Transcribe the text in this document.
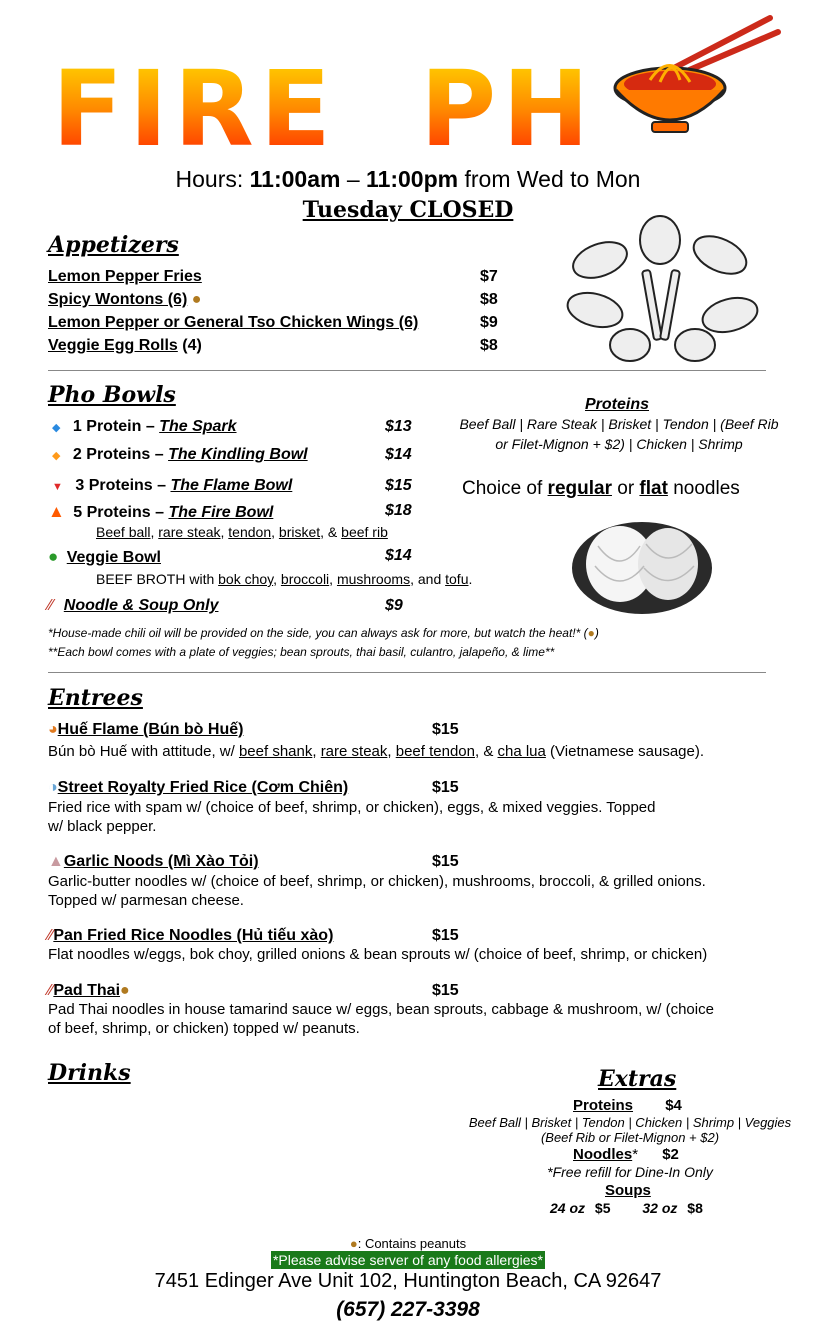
FIRE PH
Hours: 11:00am – 11:00pm from Wed to Mon
Tuesday CLOSED
Appetizers
Lemon Pepper Fries	$7
Spicy Wontons (6) ●	$8
Lemon Pepper or General Tso Chicken Wings (6)	$9
Veggie Egg Rolls (4)	$8
Pho Bowls
◆ 1 Protein – The Spark	$13
◆ 2 Proteins – The Kindling Bowl	$14
▼ 3 Proteins – The Flame Bowl	$15
▲ 5 Proteins – The Fire Bowl	$18
Beef ball, rare steak, tendon, brisket, & beef rib
● Veggie Bowl	$14
BEEF BROTH with bok choy, broccoli, mushrooms, and tofu.
⁄⁄ Noodle & Soup Only	$9
Proteins
Beef Ball | Rare Steak | Brisket | Tendon | (Beef Rib or Filet-Mignon + $2) | Chicken | Shrimp
Choice of regular or flat noodles
*House-made chili oil will be provided on the side, you can always ask for more, but watch the heat!* (●)
**Each bowl comes with a plate of veggies; bean sprouts, thai basil, culantro, jalapeño, & lime**
Entrees
◕Huế Flame (Bún bò Huế)	$15
Bún bò Huế with attitude, w/ beef shank, rare steak, beef tendon, & cha lua (Vietnamese sausage).
◑Street Royalty Fried Rice (Cơm Chiên)	$15
Fried rice with spam w/ (choice of beef, shrimp, or chicken), eggs, & mixed veggies. Topped
w/ black pepper.
▲Garlic Noods (Mì Xào Tỏi)	$15
Garlic-butter noodles w/ (choice of beef, shrimp, or chicken), mushrooms, broccoli, & grilled onions.
Topped w/ parmesan cheese.
⁄⁄Pan Fried Rice Noodles (Hủ tiếu xào)	$15
Flat noodles w/eggs, bok choy, grilled onions & bean sprouts w/ (choice of beef, shrimp, or chicken)
⁄⁄Pad Thai●	$15
Pad Thai noodles in house tamarind sauce w/ eggs, bean sprouts, cabbage & mushroom, w/ (choice
of beef, shrimp, or chicken) topped w/ peanuts.
Drinks	Extras
Proteins $4
Beef Ball | Brisket | Tendon | Chicken | Shrimp | Veggies
(Beef Rib or Filet-Mignon + $2)
Noodles* $2
*Free refill for Dine-In Only
Soups
24 oz $5 32 oz $8
●: Contains peanuts
*Please advise server of any food allergies*
7451 Edinger Ave Unit 102, Huntington Beach, CA 92647
(657) 227-3398
